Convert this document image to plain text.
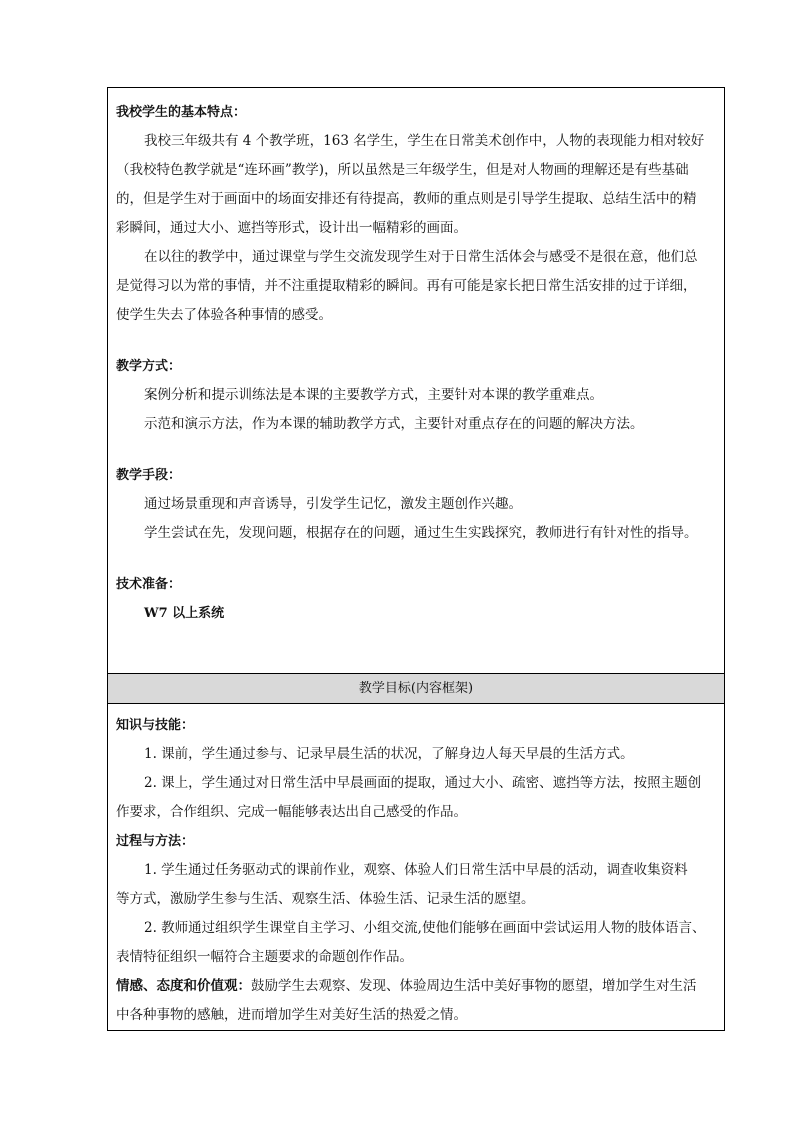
我校学生的基本特点：

我校三年级共有 4 个教学班，163 名学生，学生在日常美术创作中，人物的表现能力相对较好

（我校特色教学就是“连环画”教学)，所以虽然是三年级学生，但是对人物画的理解还是有些基础

的，但是学生对于画面中的场面安排还有待提高，教师的重点则是引导学生提取、总结生活中的精

彩瞬间，通过大小、遮挡等形式，设计出一幅精彩的画面。

在以往的教学中，通过课堂与学生交流发现学生对于日常生活体会与感受不是很在意，他们总

是觉得习以为常的事情，并不注重提取精彩的瞬间。再有可能是家长把日常生活安排的过于详细，

使学生失去了体验各种事情的感受。

教学方式：

案例分析和提示训练法是本课的主要教学方式，主要针对本课的教学重难点。

示范和演示方法，作为本课的辅助教学方式，主要针对重点存在的问题的解决方法。

教学手段：

通过场景重现和声音诱导，引发学生记忆，激发主题创作兴趣。

学生尝试在先，发现问题，根据存在的问题，通过生生实践探究，教师进行有针对性的指导。

技术准备：

W7 以上系统

教学目标(内容框架)

知识与技能：

1. 课前，学生通过参与、记录早晨生活的状况，了解身边人每天早晨的生活方式。

2. 课上，学生通过对日常生活中早晨画面的提取，通过大小、疏密、遮挡等方法，按照主题创

作要求，合作组织、完成一幅能够表达出自己感受的作品。

过程与方法：

1. 学生通过任务驱动式的课前作业，观察、体验人们日常生活中早晨的活动，调查收集资料

等方式，激励学生参与生活、观察生活、体验生活、记录生活的愿望。

2. 教师通过组织学生课堂自主学习、小组交流,使他们能够在画面中尝试运用人物的肢体语言、

表情特征组织一幅符合主题要求的命题创作作品。

情感、态度和价值观：鼓励学生去观察、发现、体验周边生活中美好事物的愿望，增加学生对生活

中各种事物的感触，进而增加学生对美好生活的热爱之情。
